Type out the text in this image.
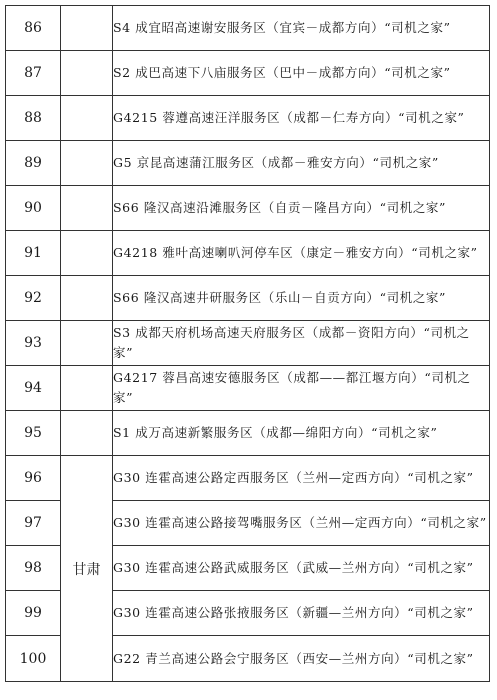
86		S4 成宜昭高速谢安服务区（宜宾－成都方向）“司机之家”
87		S2 成巴高速下八庙服务区（巴中－成都方向）“司机之家”
88		G4215 蓉遵高速汪洋服务区（成都－仁寿方向）“司机之家”
89		G5 京昆高速蒲江服务区（成都－雅安方向）“司机之家”
90		S66 隆汉高速沿滩服务区（自贡－隆昌方向）“司机之家”
91		G4218 雅叶高速喇叭河停车区（康定－雅安方向）“司机之家”
92		S66 隆汉高速井研服务区（乐山－自贡方向）“司机之家”
93		S3 成都天府机场高速天府服务区（成都－资阳方向）“司机之家”
94		G4217 蓉昌高速安德服务区（成都——都江堰方向）“司机之家”
95		S1 成万高速新繁服务区（成都—绵阳方向）“司机之家”
96	甘肃	G30 连霍高速公路定西服务区（兰州—定西方向）“司机之家”
97		G30 连霍高速公路接驾嘴服务区（兰州—定西方向）“司机之家”
98		G30 连霍高速公路武威服务区（武威—兰州方向）“司机之家”
99		G30 连霍高速公路张掖服务区（新疆—兰州方向）“司机之家”
100		G22 青兰高速公路会宁服务区（西安—兰州方向）“司机之家”
